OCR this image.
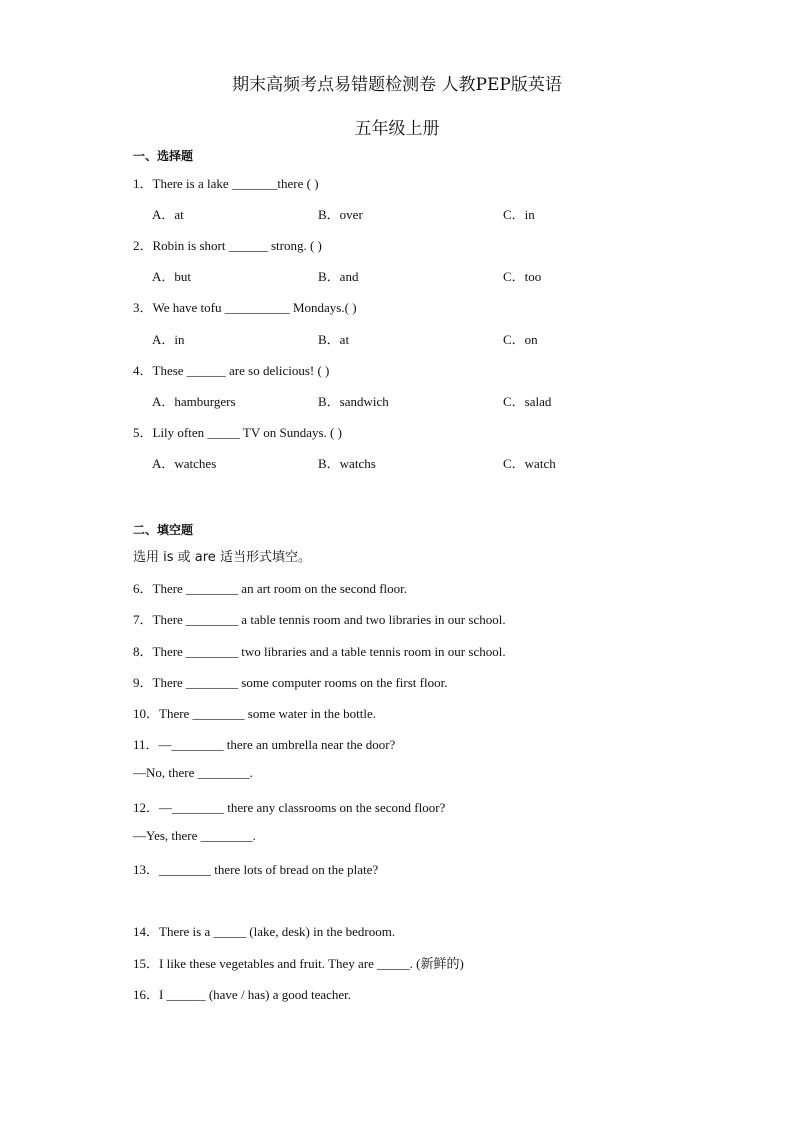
期末高频考点易错题检测卷 人教PEP版英语
五年级上册
一、选择题
1．There is a lake _______there ( )
A．at	B．over	C．in
2．Robin is short ______ strong. ( )
A．but	B．and	C．too
3．We have tofu __________ Mondays.( )
A．in	B．at	C．on
4．These ______ are so delicious! ( )
A．hamburgers	B．sandwich	C．salad
5．Lily often _____ TV on Sundays. ( )
A．watches	B．watchs	C．watch
二、填空题
选用 is 或 are 适当形式填空。
6．There ________ an art room on the second floor.
7．There ________ a table tennis room and two libraries in our school.
8．There ________ two libraries and a table tennis room in our school.
9．There ________ some computer rooms on the first floor.
10．There ________ some water in the bottle.
11．—________ there an umbrella near the door?
—No, there ________.
12．—________ there any classrooms on the second floor?
—Yes, there ________.
13．________ there lots of bread on the plate?
14．There is a _____ (lake, desk) in the bedroom.
15．I like these vegetables and fruit. They are _____. (新鲜的)
16．I ______ (have / has) a good teacher.
